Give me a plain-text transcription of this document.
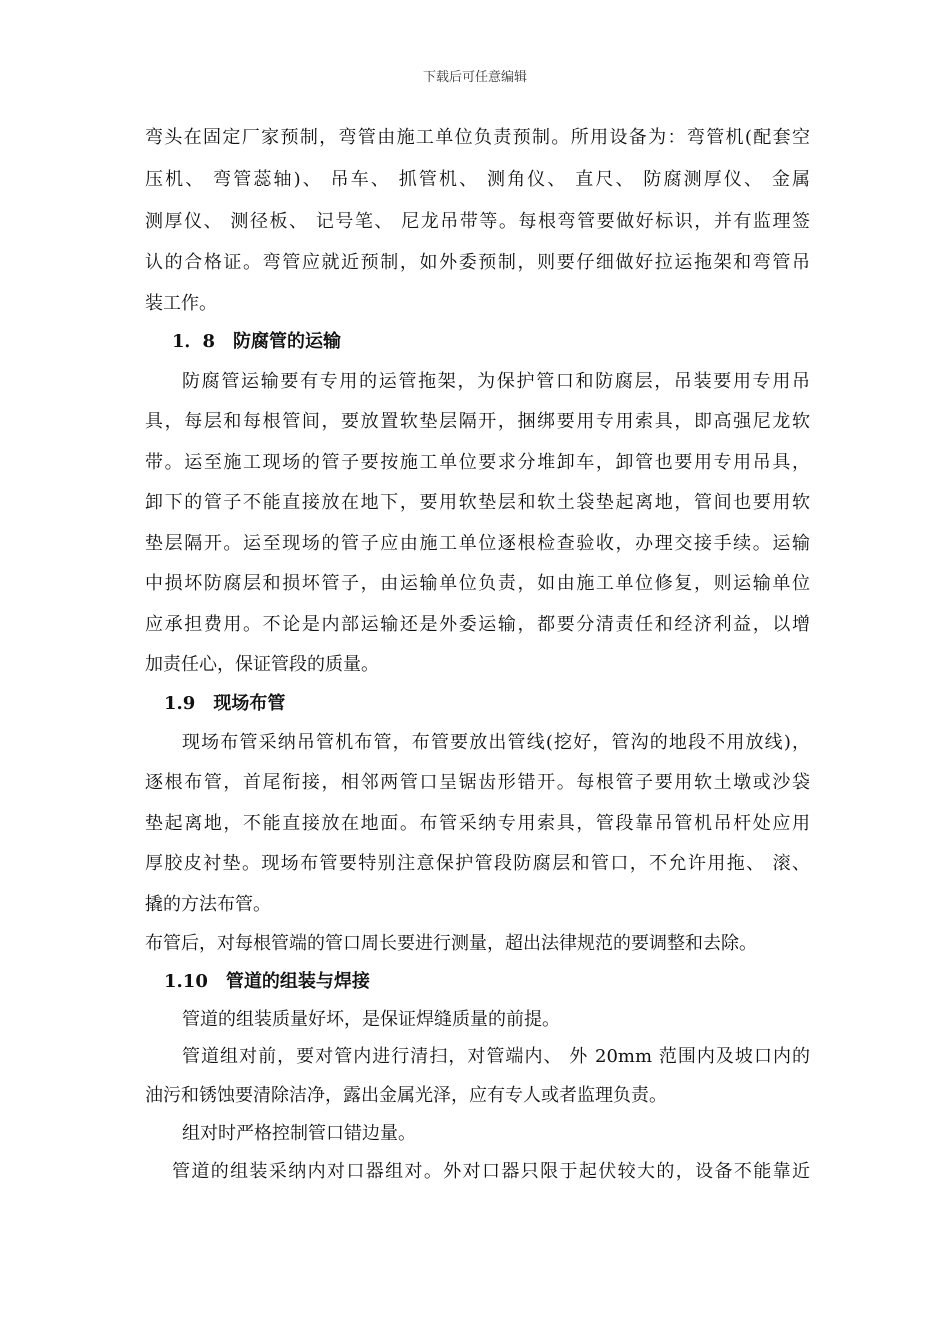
下载后可任意编辑
弯头在固定厂家预制，弯管由施工单位负责预制。所用设备为：弯管机(配套空
压机、 弯管蕊轴)、 吊车、 抓管机、 测角仪、 直尺、 防腐测厚仪、 金属
测厚仪、 测径板、 记号笔、 尼龙吊带等。每根弯管要做好标识，并有监理签
认的合格证。弯管应就近预制，如外委预制，则要仔细做好拉运拖架和弯管吊
装工作。
1．8　防腐管的运输
防腐管运输要有专用的运管拖架，为保护管口和防腐层，吊装要用专用吊
具，每层和每根管间，要放置软垫层隔开，捆绑要用专用索具，即高强尼龙软
带。运至施工现场的管子要按施工单位要求分堆卸车，卸管也要用专用吊具，
卸下的管子不能直接放在地下，要用软垫层和软土袋垫起离地，管间也要用软
垫层隔开。运至现场的管子应由施工单位逐根检查验收，办理交接手续。运输
中损坏防腐层和损坏管子，由运输单位负责，如由施工单位修复，则运输单位
应承担费用。不论是内部运输还是外委运输，都要分清责任和经济利益，以增
加责任心，保证管段的质量。
1.9　现场布管
现场布管采纳吊管机布管，布管要放出管线(挖好，管沟的地段不用放线)，
逐根布管，首尾衔接，相邻两管口呈锯齿形错开。每根管子要用软土墩或沙袋
垫起离地，不能直接放在地面。布管采纳专用索具，管段靠吊管机吊杆处应用
厚胶皮衬垫。现场布管要特别注意保护管段防腐层和管口，不允许用拖、 滚、
撬的方法布管。
布管后，对每根管端的管口周长要进行测量，超出法律规范的要调整和去除。
1.10　管道的组装与焊接
管道的组装质量好坏，是保证焊缝质量的前提。
管道组对前，要对管内进行清扫，对管端内、 外 20mm 范围内及坡口内的
油污和锈蚀要清除洁净，露出金属光泽，应有专人或者监理负责。
组对时严格控制管口错边量。
管道的组装采纳内对口器组对。外对口器只限于起伏较大的，设备不能靠近
